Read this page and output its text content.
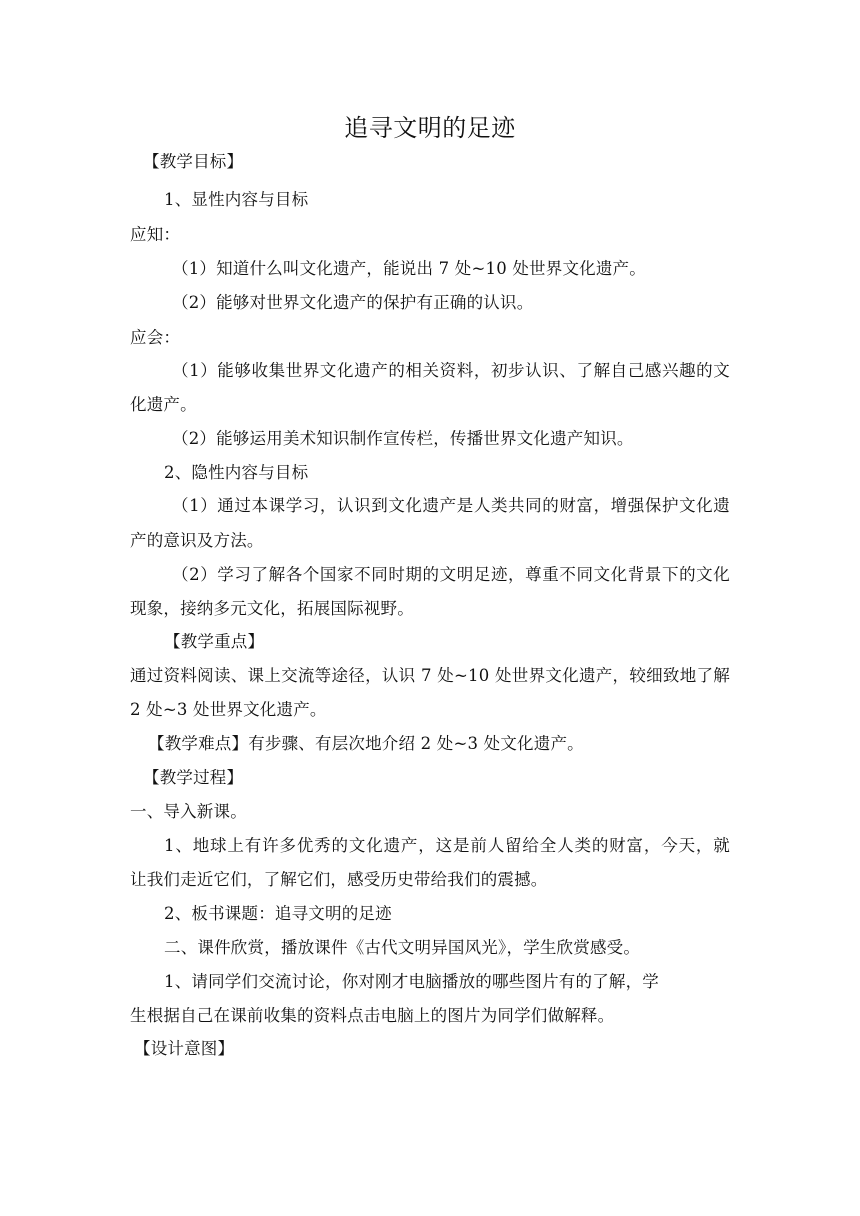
追寻文明的足迹
【教学目标】
1、显性内容与目标
应知：
（1）知道什么叫文化遗产，能说出 7 处~10 处世界文化遗产。
（2）能够对世界文化遗产的保护有正确的认识。
应会：
（1）能够收集世界文化遗产的相关资料，初步认识、了解自己感兴趣的文
化遗产。
（2）能够运用美术知识制作宣传栏，传播世界文化遗产知识。
2、隐性内容与目标
（1）通过本课学习，认识到文化遗产是人类共同的财富，增强保护文化遗
产的意识及方法。
（2）学习了解各个国家不同时期的文明足迹，尊重不同文化背景下的文化
现象，接纳多元文化，拓展国际视野。
【教学重点】
通过资料阅读、课上交流等途径，认识 7 处~10 处世界文化遗产，较细致地了解
2 处~3 处世界文化遗产。
【教学难点】有步骤、有层次地介绍 2 处~3 处文化遗产。
【教学过程】
一、导入新课。
1、地球上有许多优秀的文化遗产，这是前人留给全人类的财富，今天，就
让我们走近它们，了解它们，感受历史带给我们的震撼。
2、板书课题：追寻文明的足迹
二、课件欣赏，播放课件《古代文明异国风光》，学生欣赏感受。
1、请同学们交流讨论，你对刚才电脑播放的哪些图片有的了解，学
生根据自己在课前收集的资料点击电脑上的图片为同学们做解释。
【设计意图】
